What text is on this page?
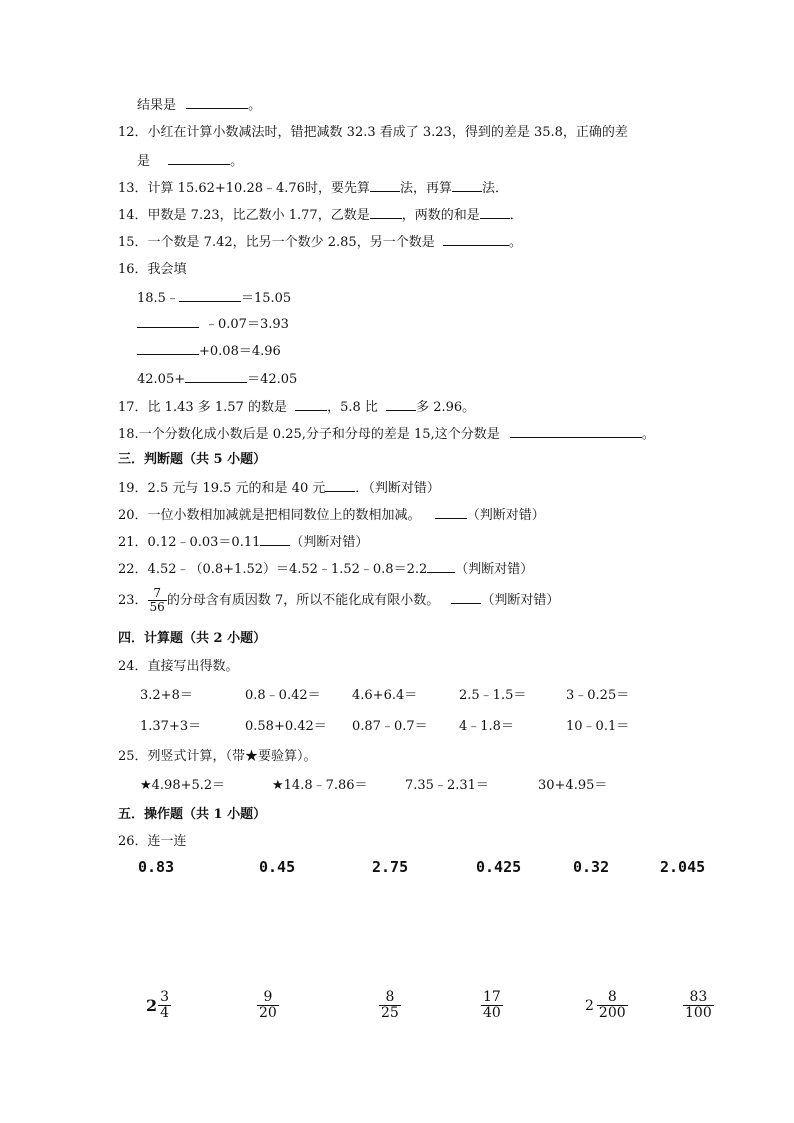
结果是	。
12．小红在计算小数减法时，错把减数 32.3 看成了 3.23，得到的差是 35.8，正确的差
是	。
13．计算 15.62+10.28﹣4.76时，要先算 法，再算 法．
14．甲数是 7.23，比乙数小 1.77，乙数是 ，两数的和是 ．
15．一个数是 7.42，比另一个数少 2.85，另一个数是	。
16．我会填
18.5﹣	＝15.05
﹣0.07＝3.93
+0.08＝4.96
42.05+	＝42.05
17．比 1.43 多 1.57 的数是	，5.8 比	多 2.96。
18.一个分数化成小数后是 0.25,分子和分母的差是 15,这个分数是	。
三．判断题（共 5 小题）
19．2.5 元与 19.5 元的和是 40 元 ．（判断对错）
20．一位小数相加减就是把相同数位上的数相加减。	（判断对错）
21．0.12﹣0.03＝0.11 （判断对错）
22．4.52﹣（0.8+1.52）＝4.52﹣1.52﹣0.8＝2.2 （判断对错）
23． $\frac{7}{56}$ 的分母含有质因数 7，所以不能化成有限小数。	（判断对错）
四．计算题（共 2 小题）
24．直接写出得数。
3.2+8＝	0.8﹣0.42＝ 4.6+6.4＝	2.5﹣1.5＝	3﹣0.25＝
1.37+3＝	0.58+0.42＝ 0.87﹣0.7＝ 4﹣1.8＝	10﹣0.1＝
25．列竖式计算，（带★要验算）。
★4.98+5.2＝	★14.8﹣7.86＝	7.35﹣2.31＝	30+4.95＝
五．操作题（共 1 小题）
26．连一连
0.83	0.45	2.75	0.425	0.32	2.045
$2 \frac{3}{4}$	$\frac{9}{20}$	$\frac{8}{25}$	$\frac{17}{40}$	$2 \frac{8}{200}$	$\frac{83}{100}$
